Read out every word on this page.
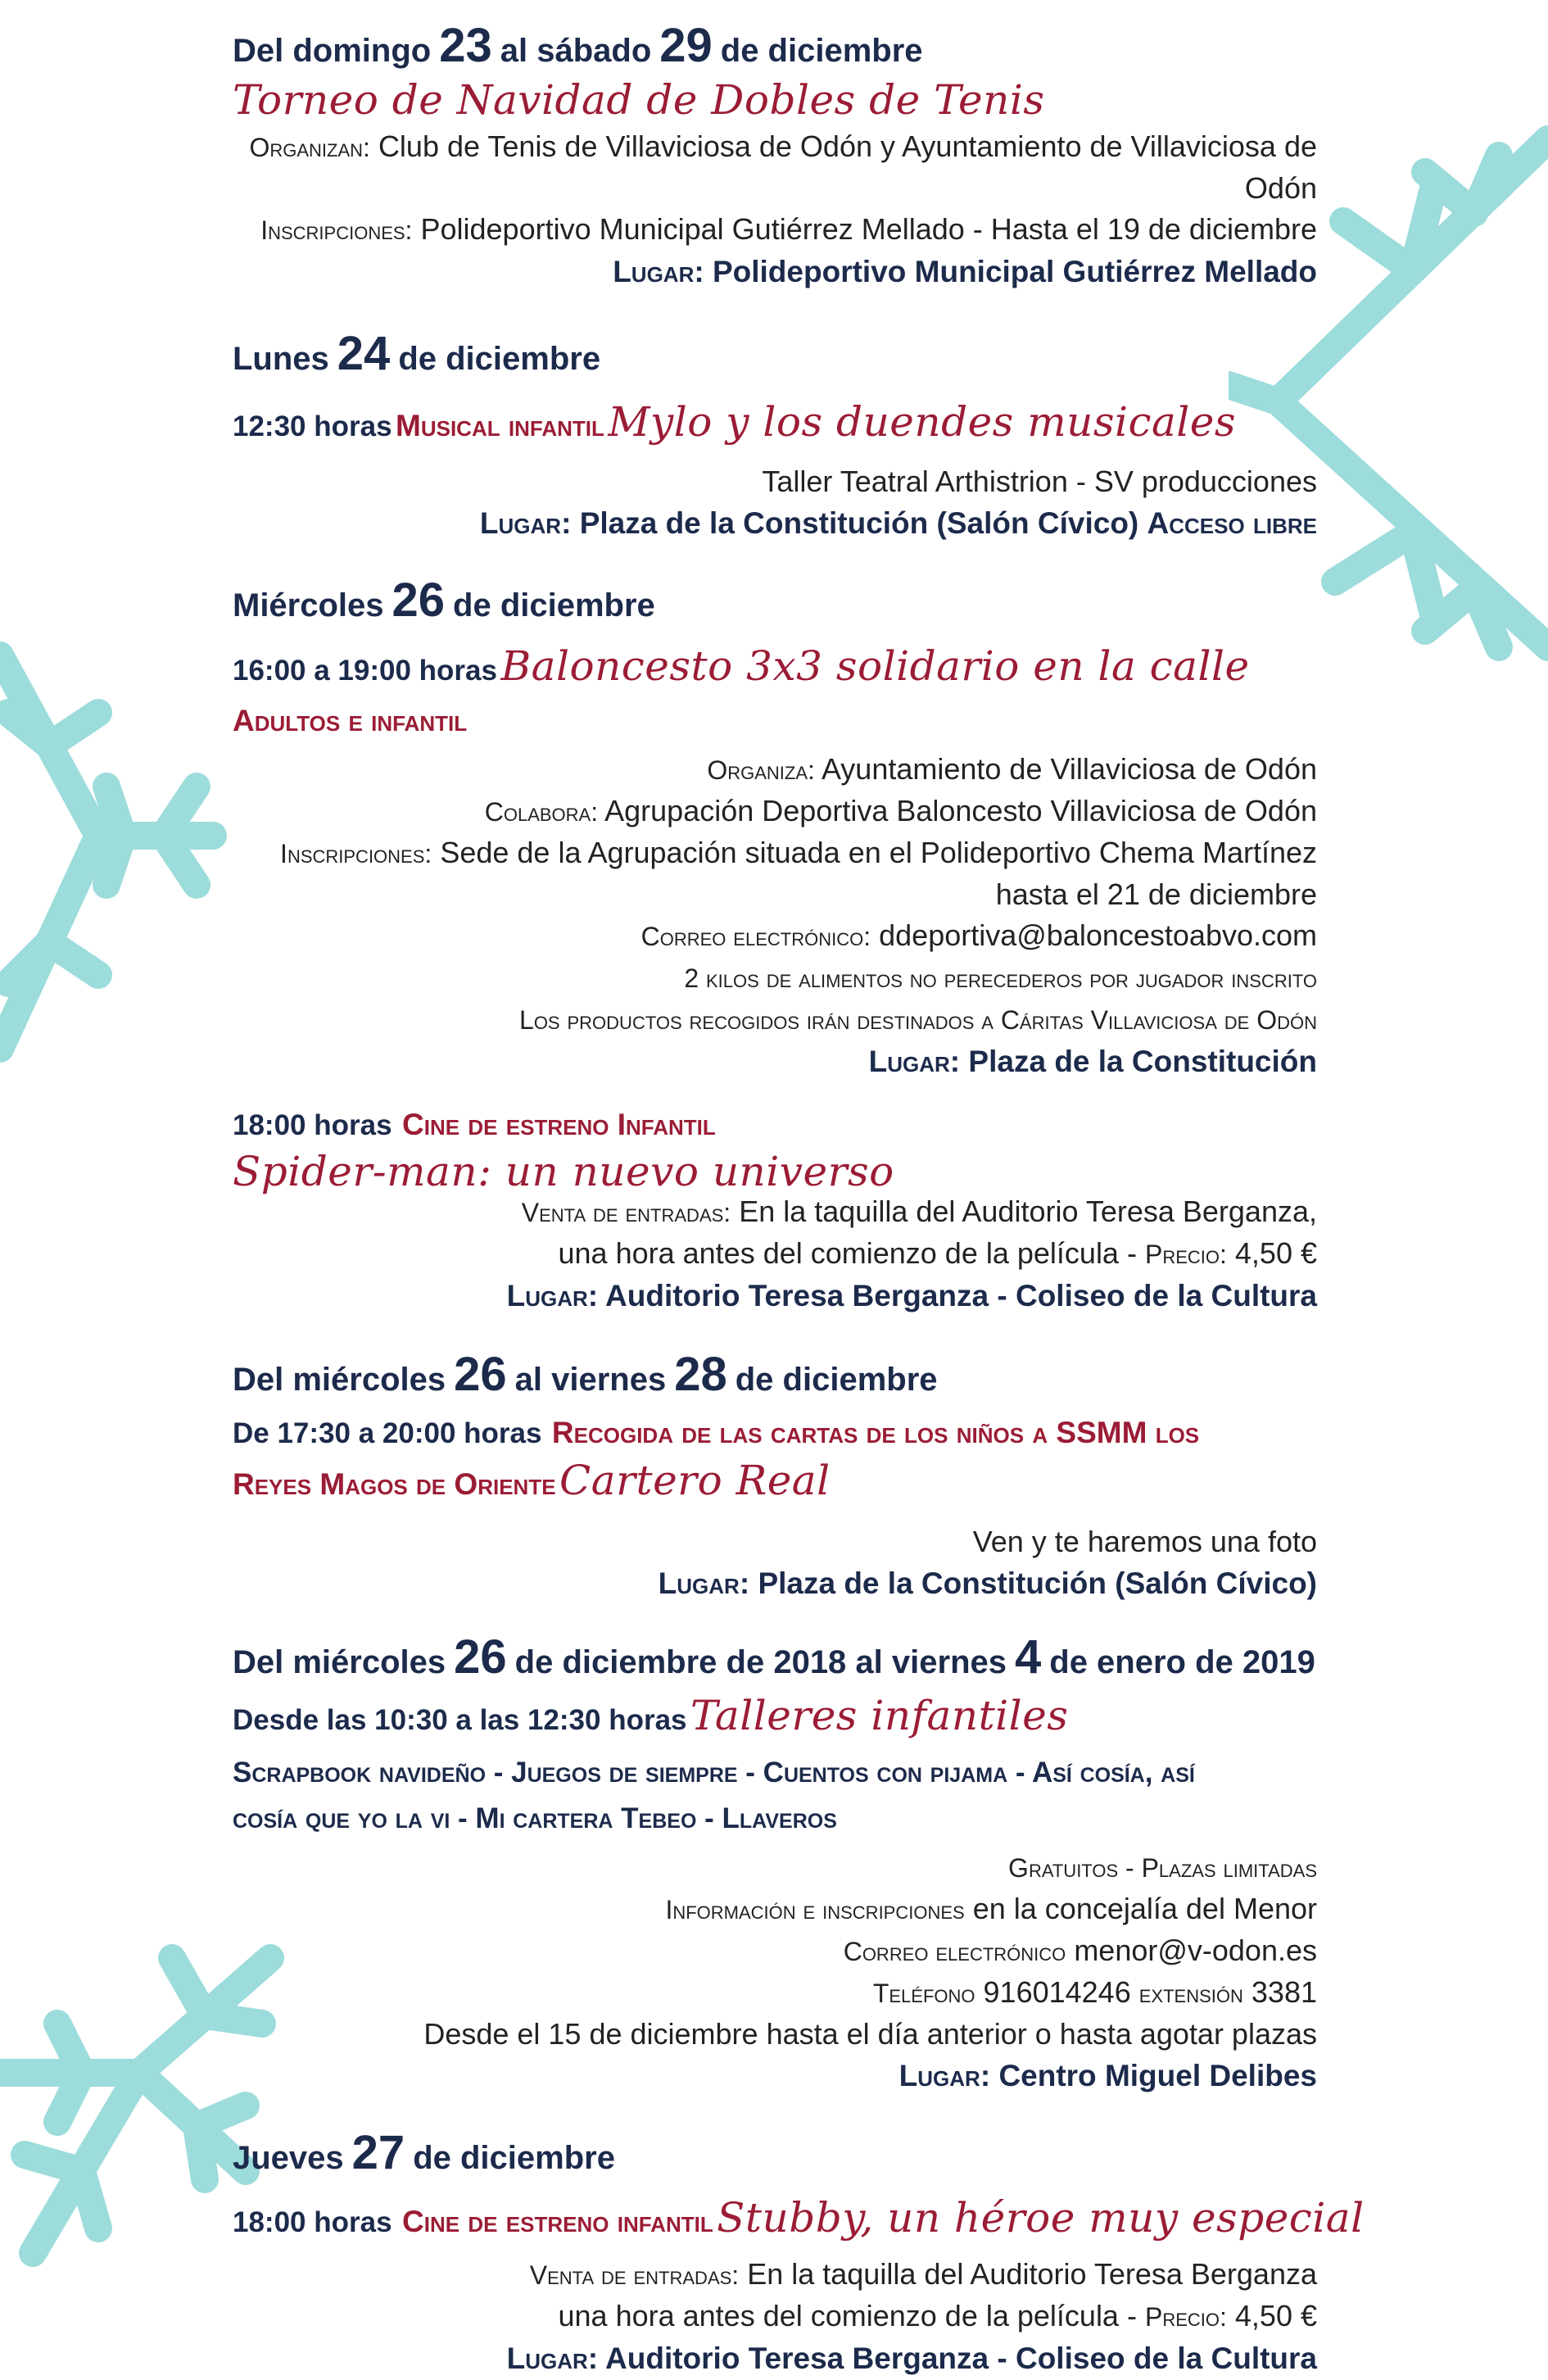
Del domingo 23 al sábado 29 de diciembre
Torneo de Navidad de Dobles de Tenis
Organizan: Club de Tenis de Villaviciosa de Odón y Ayuntamiento de Villaviciosa de Odón
Inscripciones: Polideportivo Municipal Gutiérrez Mellado - Hasta el 19 de diciembre
Lugar: Polideportivo Municipal Gutiérrez Mellado
Lunes 24 de diciembre
12:30 horas Musical infantil Mylo y los duendes musicales
Taller Teatral Arthistrion - SV producciones
Lugar: Plaza de la Constitución (Salón Cívico) Acceso libre
Miércoles 26 de diciembre
16:00 a 19:00 horas Baloncesto 3x3 solidario en la calle
Adultos e infantil
Organiza: Ayuntamiento de Villaviciosa de Odón
Colabora: Agrupación Deportiva Baloncesto Villaviciosa de Odón
Inscripciones: Sede de la Agrupación situada en el Polideportivo Chema Martínez
hasta el 21 de diciembre
Correo electrónico: ddeportiva@baloncestoabvo.com
2 kilos de alimentos no perecederos por jugador inscrito
Los productos recogidos irán destinados a Cáritas Villaviciosa de Odón
Lugar: Plaza de la Constitución
18:00 horas Cine de estreno Infantil
Spider-man: un nuevo universo
Venta de entradas: En la taquilla del Auditorio Teresa Berganza,
una hora antes del comienzo de la película - Precio: 4,50 €
Lugar: Auditorio Teresa Berganza - Coliseo de la Cultura
Del miércoles 26 al viernes 28 de diciembre
De 17:30 a 20:00 horas Recogida de las cartas de los niños a SSMM los
Reyes Magos de Oriente Cartero Real
Ven y te haremos una foto
Lugar: Plaza de la Constitución (Salón Cívico)
Del miércoles 26 de diciembre de 2018 al viernes 4 de enero de 2019
Desde las 10:30 a las 12:30 horas Talleres infantiles
Scrapbook navideño - Juegos de siempre - Cuentos con pijama - Así cosía, así
cosía que yo la vi - Mi cartera Tebeo - Llaveros
Gratuitos - Plazas limitadas
Información e inscripciones en la concejalía del Menor
Correo electrónico menor@v-odon.es
Teléfono 916014246 extensión 3381
Desde el 15 de diciembre hasta el día anterior o hasta agotar plazas
Lugar: Centro Miguel Delibes
Jueves 27 de diciembre
18:00 horas Cine de estreno infantil Stubby, un héroe muy especial
Venta de entradas: En la taquilla del Auditorio Teresa Berganza
una hora antes del comienzo de la película - Precio: 4,50 €
Lugar: Auditorio Teresa Berganza - Coliseo de la Cultura
